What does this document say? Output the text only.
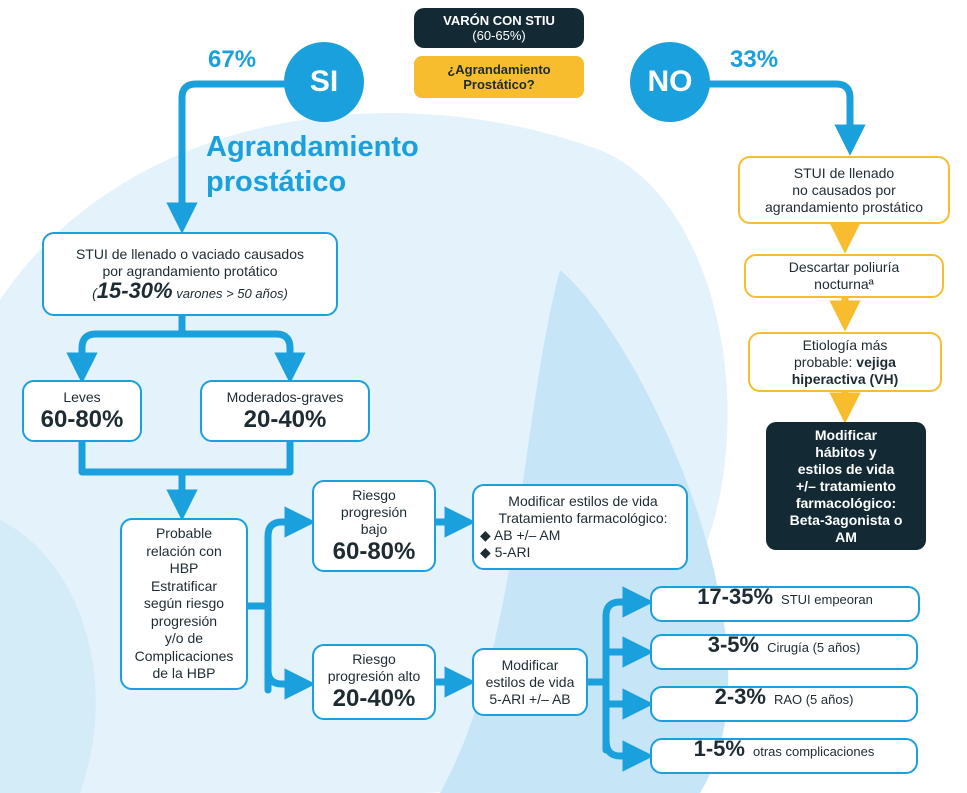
VARÓN CON STIU
(60-65%)
¿Agrandamiento
Prostático?
SI	NO
67%	33%
Agrandamiento
prostático
STUI de llenado o vaciado causados
por agrandamiento protático
(15-30% varones > 50 años)
Leves
60-80%
Moderados-graves
20-40%
Probable
relación con
HBP
Estratificar
según riesgo
progresión
y/o de
Complicaciones
de la HBP
Riesgo
progresión
bajo
60-80%
Riesgo
progresión alto
20-40%
Modificar estilos de vida
Tratamiento farmacológico:
◆ AB +/– AM
◆ 5-ARI
Modificar
estilos de vida
5-ARI +/– AB
17-35% STUI empeoran
3-5% Cirugía (5 años)
2-3% RAO (5 años)
1-5% otras complicaciones
STUI de llenado
no causados por
agrandamiento prostático
Descartar poliuría
nocturnaª
Etiología más
probable: vejiga
hiperactiva (VH)
Modificar
hábitos y
estilos de vida
+/– tratamiento
farmacológico:
Beta-3agonista o
AM
